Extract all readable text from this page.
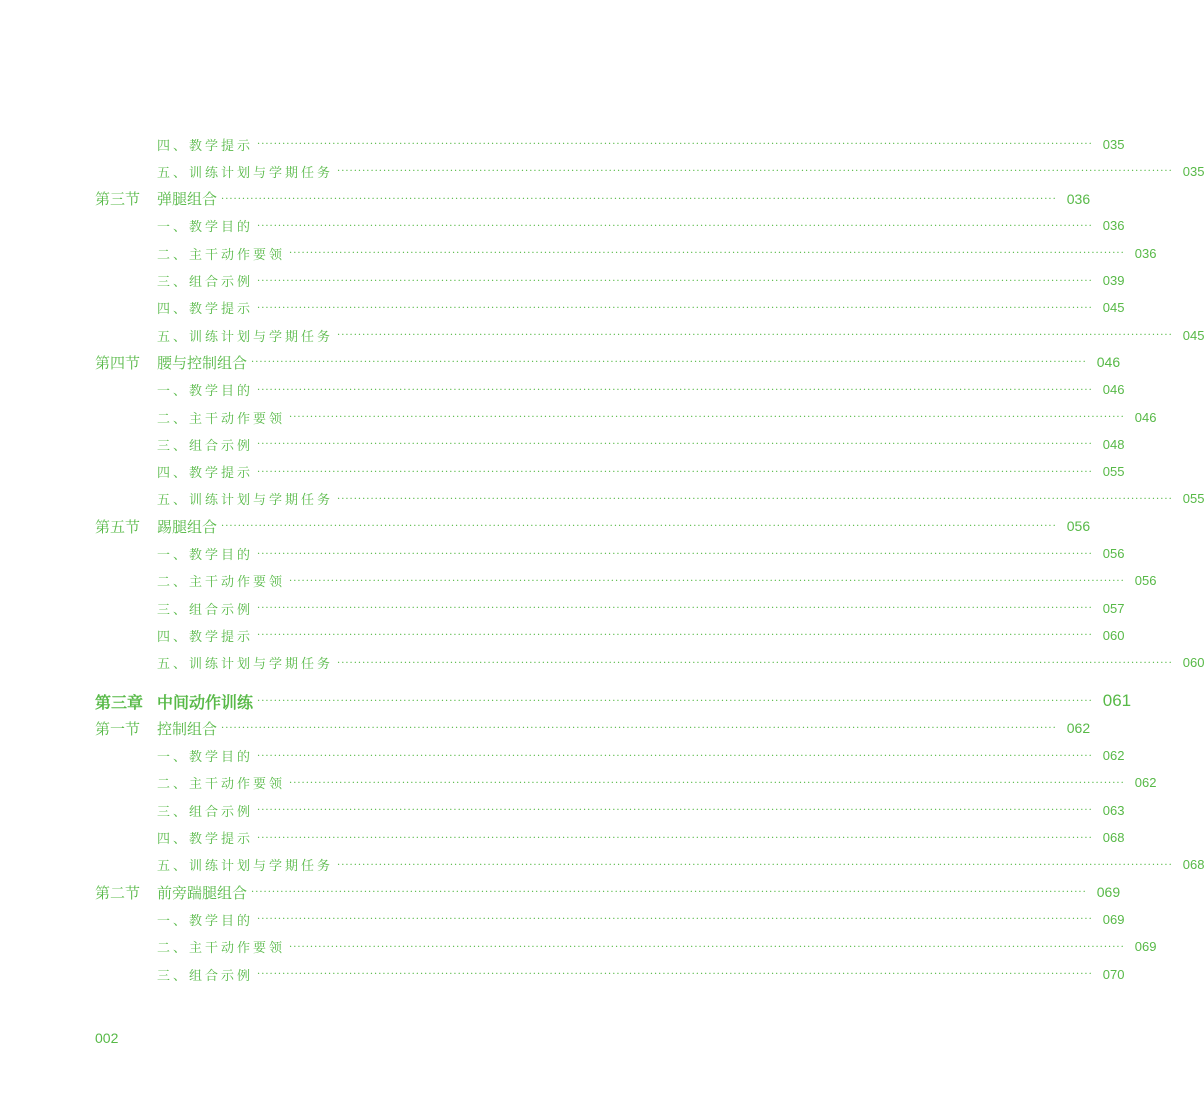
四、教学提示 ········································································································································································································ 035
五、训练计划与学期任务 ········································································································································································································ 035
第三节	弹腿组合 ········································································································································································································ 036
一、教学目的 ········································································································································································································ 036
二、主干动作要领 ········································································································································································································ 036
三、组合示例 ········································································································································································································ 039
四、教学提示 ········································································································································································································ 045
五、训练计划与学期任务 ········································································································································································································ 045
第四节	腰与控制组合 ········································································································································································································ 046
一、教学目的 ········································································································································································································ 046
二、主干动作要领 ········································································································································································································ 046
三、组合示例 ········································································································································································································ 048
四、教学提示 ········································································································································································································ 055
五、训练计划与学期任务 ········································································································································································································ 055
第五节	踢腿组合 ········································································································································································································ 056
一、教学目的 ········································································································································································································ 056
二、主干动作要领 ········································································································································································································ 056
三、组合示例 ········································································································································································································ 057
四、教学提示 ········································································································································································································ 060
五、训练计划与学期任务 ········································································································································································································ 060
第三章 中间动作训练 ········································································································································································································ 061
第一节	控制组合 ········································································································································································································ 062
一、教学目的 ········································································································································································································ 062
二、主干动作要领 ········································································································································································································ 062
三、组合示例 ········································································································································································································ 063
四、教学提示 ········································································································································································································ 068
五、训练计划与学期任务 ········································································································································································································ 068
第二节	前旁踹腿组合 ········································································································································································································ 069
一、教学目的 ········································································································································································································ 069
二、主干动作要领 ········································································································································································································ 069
三、组合示例 ········································································································································································································ 070
002
